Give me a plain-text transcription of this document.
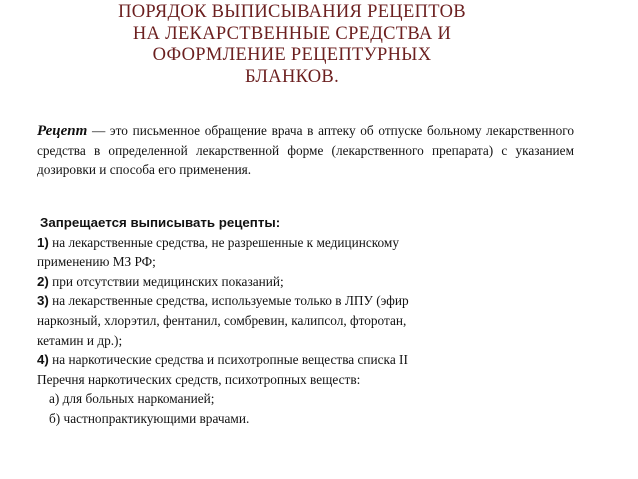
ПОРЯДОК ВЫПИСЫВАНИЯ РЕЦЕПТОВ
НА ЛЕКАРСТВЕННЫЕ СРЕДСТВА И
ОФОРМЛЕНИЕ РЕЦЕПТУРНЫХ
БЛАНКОВ.
Рецепт — это письменное обращение врача в аптеку об отпуске больному лекарственного средства в определенной лекарственной форме (лекарственного препарата) с указанием дозировки и способа его применения.
Запрещается выписывать рецепты:
1) на лекарственные средства, не разрешенные к медицинскому
применению МЗ РФ;
2) при отсутствии медицинских показаний;
3) на лекарственные средства, используемые только в ЛПУ (эфир
наркозный, хлорэтил, фентанил, сомбревин, калипсол, фторотан,
кетамин и др.);
4) на наркотические средства и психотропные вещества списка II
Перечня наркотических средств, психотропных веществ:
а) для больных наркоманией;
б) частнопрактикующими врачами.
